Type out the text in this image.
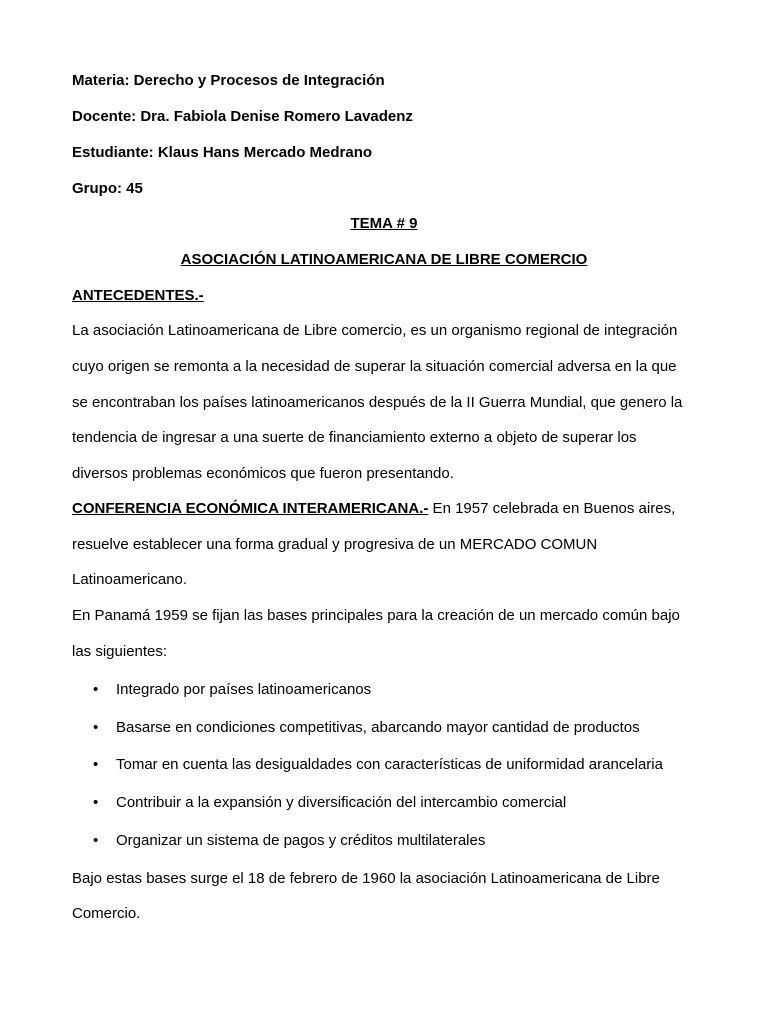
Materia: Derecho y Procesos de Integración
Docente: Dra. Fabiola Denise Romero Lavadenz
Estudiante: Klaus Hans Mercado Medrano
Grupo: 45
TEMA # 9
ASOCIACIÓN LATINOAMERICANA DE LIBRE COMERCIO
ANTECEDENTES.-
La asociación Latinoamericana de Libre comercio, es un organismo regional de integración
cuyo origen se remonta a la necesidad de superar la situación comercial adversa en la que
se encontraban los países latinoamericanos después de la II Guerra Mundial, que genero la
tendencia de ingresar a una suerte de financiamiento externo a objeto de superar los
diversos problemas económicos que fueron presentando.
CONFERENCIA ECONÓMICA INTERAMERICANA.- En 1957 celebrada en Buenos aires,
resuelve establecer una forma gradual y progresiva de un MERCADO COMUN
Latinoamericano.
En Panamá 1959 se fijan las bases principales para la creación de un mercado común bajo
las siguientes:
• Integrado por países latinoamericanos
• Basarse en condiciones competitivas, abarcando mayor cantidad de productos
• Tomar en cuenta las desigualdades con características de uniformidad arancelaria
• Contribuir a la expansión y diversificación del intercambio comercial
• Organizar un sistema de pagos y créditos multilaterales
Bajo estas bases surge el 18 de febrero de 1960 la asociación Latinoamericana de Libre
Comercio.
